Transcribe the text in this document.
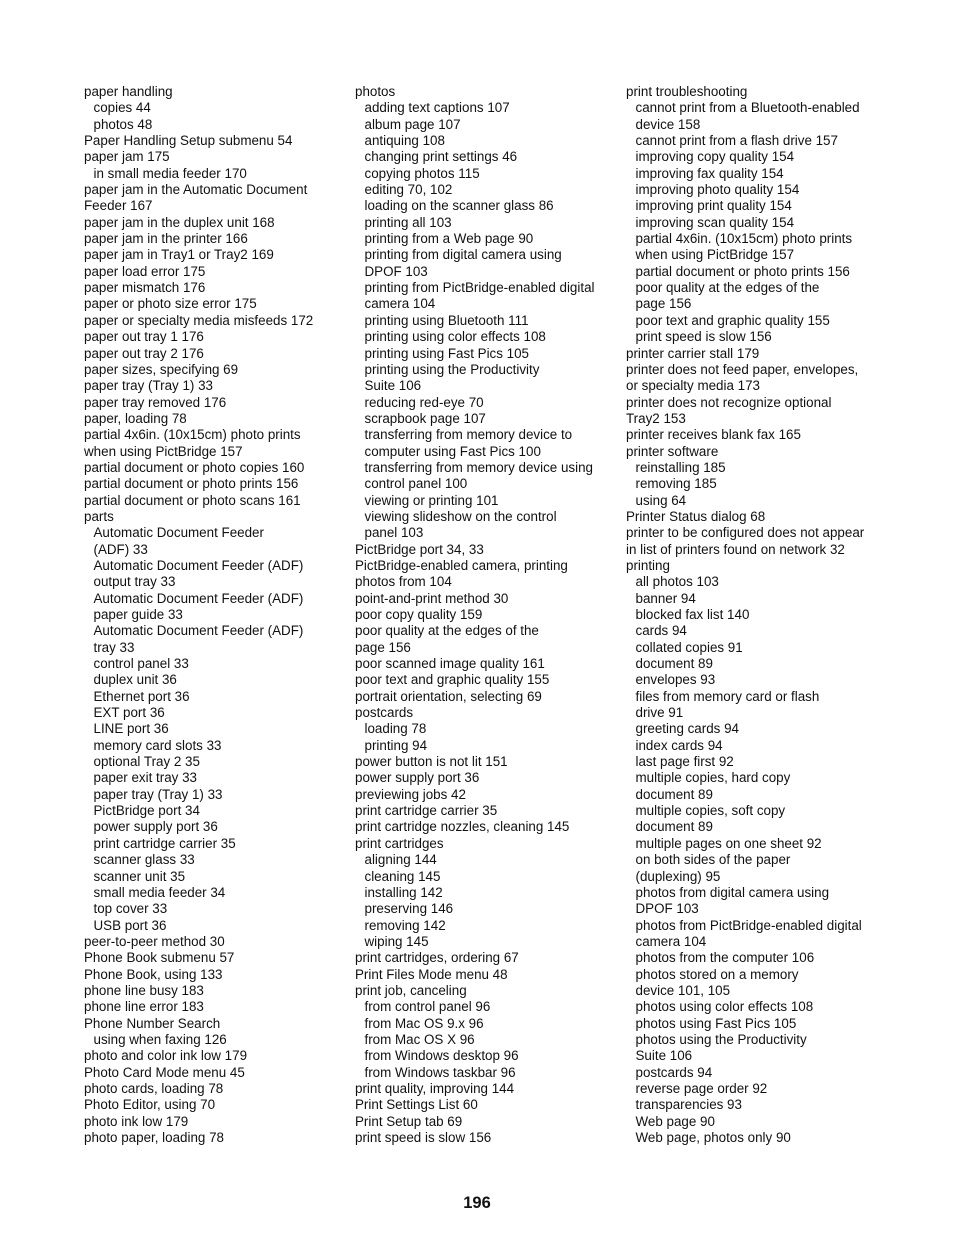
paper handling
copies 44
photos 48
Paper Handling Setup submenu 54
paper jam 175
in small media feeder 170
paper jam in the Automatic Document
Feeder 167
paper jam in the duplex unit 168
paper jam in the printer 166
paper jam in Tray1 or Tray2 169
paper load error 175
paper mismatch 176
paper or photo size error 175
paper or specialty media misfeeds 172
paper out tray 1 176
paper out tray 2 176
paper sizes, specifying 69
paper tray (Tray 1) 33
paper tray removed 176
paper, loading 78
partial 4x6in. (10x15cm) photo prints
when using PictBridge 157
partial document or photo copies 160
partial document or photo prints 156
partial document or photo scans 161
parts
Automatic Document Feeder
(ADF) 33
Automatic Document Feeder (ADF)
output tray 33
Automatic Document Feeder (ADF)
paper guide 33
Automatic Document Feeder (ADF)
tray 33
control panel 33
duplex unit 36
Ethernet port 36
EXT port 36
LINE port 36
memory card slots 33
optional Tray 2 35
paper exit tray 33
paper tray (Tray 1) 33
PictBridge port 34
power supply port 36
print cartridge carrier 35
scanner glass 33
scanner unit 35
small media feeder 34
top cover 33
USB port 36
peer-to-peer method 30
Phone Book submenu 57
Phone Book, using 133
phone line busy 183
phone line error 183
Phone Number Search
using when faxing 126
photo and color ink low 179
Photo Card Mode menu 45
photo cards, loading 78
Photo Editor, using 70
photo ink low 179
photo paper, loading 78
photos
adding text captions 107
album page 107
antiquing 108
changing print settings 46
copying photos 115
editing 70, 102
loading on the scanner glass 86
printing all 103
printing from a Web page 90
printing from digital camera using
DPOF 103
printing from PictBridge-enabled digital
camera 104
printing using Bluetooth 111
printing using color effects 108
printing using Fast Pics 105
printing using the Productivity
Suite 106
reducing red-eye 70
scrapbook page 107
transferring from memory device to
computer using Fast Pics 100
transferring from memory device using
control panel 100
viewing or printing 101
viewing slideshow on the control
panel 103
PictBridge port 34, 33
PictBridge-enabled camera, printing
photos from 104
point-and-print method 30
poor copy quality 159
poor quality at the edges of the
page 156
poor scanned image quality 161
poor text and graphic quality 155
portrait orientation, selecting 69
postcards
loading 78
printing 94
power button is not lit 151
power supply port 36
previewing jobs 42
print cartridge carrier 35
print cartridge nozzles, cleaning 145
print cartridges
aligning 144
cleaning 145
installing 142
preserving 146
removing 142
wiping 145
print cartridges, ordering 67
Print Files Mode menu 48
print job, canceling
from control panel 96
from Mac OS 9.x 96
from Mac OS X 96
from Windows desktop 96
from Windows taskbar 96
print quality, improving 144
Print Settings List 60
Print Setup tab 69
print speed is slow 156
print troubleshooting
cannot print from a Bluetooth-enabled
device 158
cannot print from a flash drive 157
improving copy quality 154
improving fax quality 154
improving photo quality 154
improving print quality 154
improving scan quality 154
partial 4x6in. (10x15cm) photo prints
when using PictBridge 157
partial document or photo prints 156
poor quality at the edges of the
page 156
poor text and graphic quality 155
print speed is slow 156
printer carrier stall 179
printer does not feed paper, envelopes,
or specialty media 173
printer does not recognize optional
Tray2 153
printer receives blank fax 165
printer software
reinstalling 185
removing 185
using 64
Printer Status dialog 68
printer to be configured does not appear
in list of printers found on network 32
printing
all photos 103
banner 94
blocked fax list 140
cards 94
collated copies 91
document 89
envelopes 93
files from memory card or flash
drive 91
greeting cards 94
index cards 94
last page first 92
multiple copies, hard copy
document 89
multiple copies, soft copy
document 89
multiple pages on one sheet 92
on both sides of the paper
(duplexing) 95
photos from digital camera using
DPOF 103
photos from PictBridge-enabled digital
camera 104
photos from the computer 106
photos stored on a memory
device 101, 105
photos using color effects 108
photos using Fast Pics 105
photos using the Productivity
Suite 106
postcards 94
reverse page order 92
transparencies 93
Web page 90
Web page, photos only 90
196
